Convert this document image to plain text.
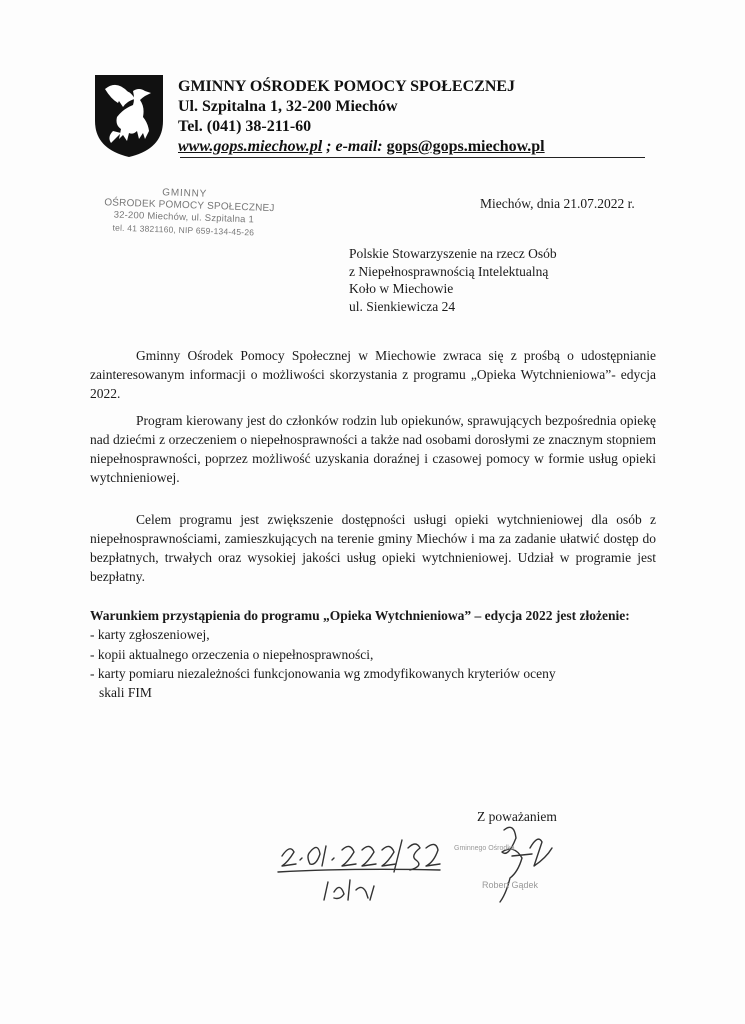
GMINNY OŚRODEK POMOCY SPOŁECZNEJ
Ul. Szpitalna 1, 32-200 Miechów
Tel. (041) 38-211-60
www.gops.miechow.pl ; e-mail: gops@gops.miechow.pl
GMINNY
OŚRODEK POMOCY SPOŁECZNEJ
32-200 Miechów, ul. Szpitalna 1
tel. 41 3821160, NIP 659-134-45-26
Miechów, dnia 21.07.2022 r.
Polskie Stowarzyszenie na rzecz Osób
z Niepełnosprawnością Intelektualną
Koło w Miechowie
ul. Sienkiewicza 24
Gminny Ośrodek Pomocy Społecznej w Miechowie zwraca się z prośbą o udostępnianie zainteresowanym informacji o możliwości skorzystania z programu „Opieka Wytchnieniowa”- edycja 2022.
Program kierowany jest do członków rodzin lub opiekunów, sprawujących bezpośrednia opiekę nad dziećmi z orzeczeniem o niepełnosprawności a także nad osobami dorosłymi ze znacznym stopniem niepełnosprawności, poprzez możliwość uzyskania doraźnej i czasowej pomocy w formie usług opieki wytchnieniowej.
Celem programu jest zwiększenie dostępności usługi opieki wytchnieniowej dla osób z niepełnosprawnościami, zamieszkujących na terenie gminy Miechów i ma za zadanie ułatwić dostęp do bezpłatnych, trwałych oraz wysokiej jakości usług opieki wytchnieniowej. Udział w programie jest bezpłatny.
Warunkiem przystąpienia do programu „Opieka Wytchnieniowa” – edycja 2022 jest złożenie:
- karty zgłoszeniowej,
- kopii aktualnego orzeczenia o niepełnosprawności,
- karty pomiaru niezależności funkcjonowania wg zmodyfikowanych kryteriów oceny
skali FIM
Z poważaniem
Gminnego Ośrodka
Robert Gądek
